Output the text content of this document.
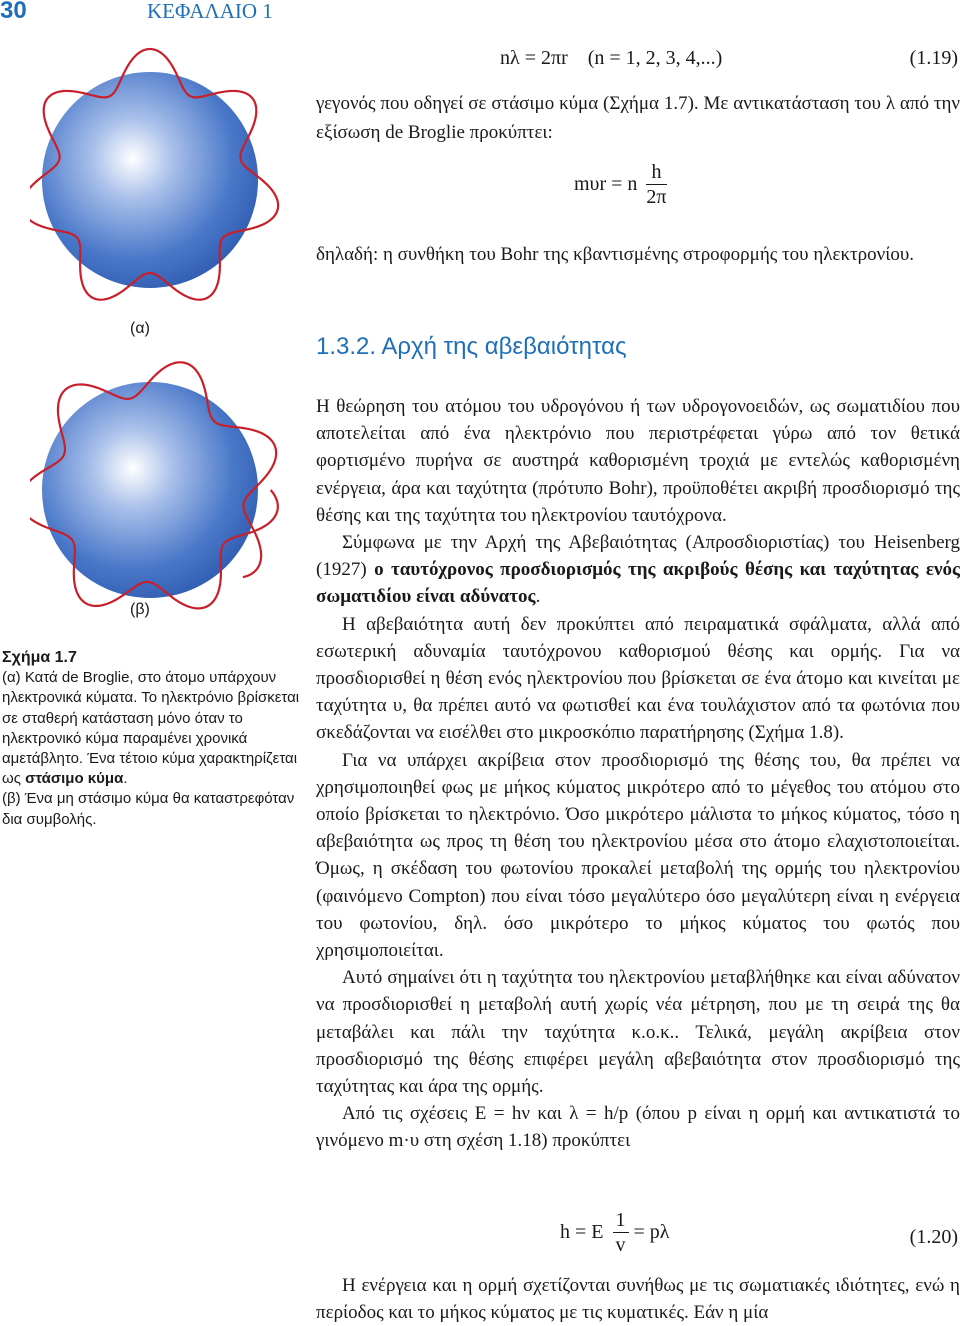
30	ΚΕΦΑΛΑΙΟ 1
(α)
(β)

Σχήμα 1.7

(α) Κατά de Broglie, στο άτομο υπάρχουν ηλεκτρονικά κύματα. Το ηλεκτρόνιο βρίσκεται σε σταθερή κατάσταση μόνο όταν το ηλεκτρονικό κύμα παραμένει χρονικά αμετάβλητο. Ένα τέτοιο κύμα χαρακτηρίζεται ως στάσιμο κύμα.

(β) Ένα μη στάσιμο κύμα θα καταστρεφόταν δια συμβολής.

nλ = 2πr (n = 1, 2, 3, 4,...)	(1.19)

γεγονός που οδηγεί σε στάσιμο κύμα (Σχήμα 1.7). Με αντικατάσταση του λ από την εξίσωση de Broglie προκύπτει:

mυr = n $\frac{h}{2\pi}$

δηλαδή: η συνθήκη του Bohr της κβαντισμένης στροφορμής του ηλεκτρονίου.

1.3.2. Αρχή της αβεβαιότητας

Η θεώρηση του ατόμου του υδρογόνου ή των υδρογονοειδών, ως σωματιδίου που αποτελείται από ένα ηλεκτρόνιο που περιστρέφεται γύρω από τον θετικά φορτισμένο πυρήνα σε αυστηρά καθορισμένη τροχιά με εντελώς καθορισμένη ενέργεια, άρα και ταχύτητα (πρότυπο Bohr), προϋποθέτει ακριβή προσδιορισμό της θέσης και της ταχύτητα του ηλεκτρονίου ταυτόχρονα.

Σύμφωνα με την Αρχή της Αβεβαιότητας (Απροσδιοριστίας) του Heisenberg (1927) ο ταυτόχρονος προσδιορισμός της ακριβούς θέσης και ταχύτητας ενός σωματιδίου είναι αδύνατος.

Η αβεβαιότητα αυτή δεν προκύπτει από πειραματικά σφάλματα, αλλά από εσωτερική αδυναμία ταυτόχρονου καθορισμού θέσης και ορμής. Για να προσδιορισθεί η θέση ενός ηλεκτρονίου που βρίσκεται σε ένα άτομο και κινείται με ταχύτητα υ, θα πρέπει αυτό να φωτισθεί και ένα τουλάχιστον από τα φωτόνια που σκεδάζονται να εισέλθει στο μικροσκόπιο παρατήρησης (Σχήμα 1.8).

Για να υπάρχει ακρίβεια στον προσδιορισμό της θέσης του, θα πρέπει να χρησιμοποιηθεί φως με μήκος κύματος μικρότερο από το μέγεθος του ατόμου στο οποίο βρίσκεται το ηλεκτρόνιο. Όσο μικρότερο μάλιστα το μήκος κύματος, τόσο η αβεβαιότητα ως προς τη θέση του ηλεκτρονίου μέσα στο άτομο ελαχιστοποιείται. Όμως, η σκέδαση του φωτονίου προκαλεί μεταβολή της ορμής του ηλεκτρονίου (φαινόμενο Compton) που είναι τόσο μεγαλύτερο όσο μεγαλύτερη είναι η ενέργεια του φωτονίου, δηλ. όσο μικρότερο το μήκος κύματος του φωτός που χρησιμοποιείται.

Αυτό σημαίνει ότι η ταχύτητα του ηλεκτρονίου μεταβλήθηκε και είναι αδύνατον να προσδιορισθεί η μεταβολή αυτή χωρίς νέα μέτρηση, που με τη σειρά της θα μεταβάλει και πάλι την ταχύτητα κ.ο.κ.. Τελικά, μεγάλη ακρίβεια στον προσδιορισμό της θέσης επιφέρει μεγάλη αβεβαιότητα στον προσδιορισμό της ταχύτητας και άρα της ορμής.

Από τις σχέσεις E = hν και λ = h/p (όπου p είναι η ορμή και αντικατιστά το γινόμενο m·υ στη σχέση 1.18) προκύπτει

h = E $\frac{1}{v} = p\lambda$	(1.20)

Η ενέργεια και η ορμή σχετίζονται συνήθως με τις σωματιακές ιδιότητες, ενώ η περίοδος και το μήκος κύματος με τις κυματικές. Εάν η μία
